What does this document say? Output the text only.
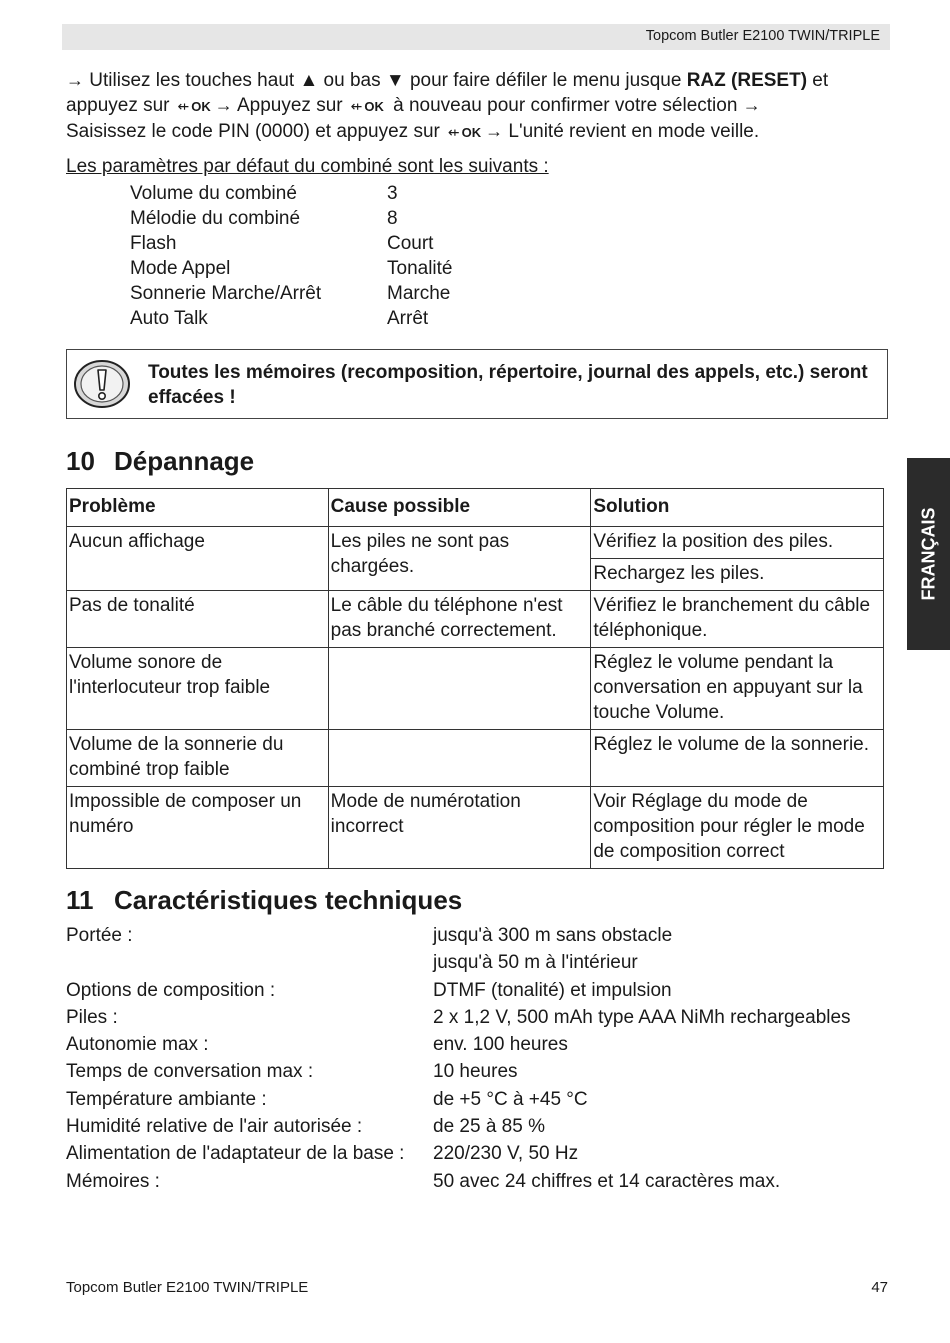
Topcom Butler E2100 TWIN/TRIPLE
→ Utilisez les touches haut ▲ ou bas ▼ pour faire défiler le menu jusque RAZ (RESET) et appuyez sur ⇷ OK → Appuyez sur ⇷ OK à nouveau pour confirmer votre sélection →
Saisissez le code PIN (0000) et appuyez sur ⇷ OK → L'unité revient en mode veille.
Les paramètres par défaut du combiné sont les suivants :
Volume du combiné	3
Mélodie du combiné	8
Flash	Court
Mode Appel	Tonalité
Sonnerie Marche/Arrêt	Marche
Auto Talk	Arrêt
Toutes les mémoires (recomposition, répertoire, journal des appels, etc.) seront effacées !
10 Dépannage
Problème	Cause possible	Solution
Aucun affichage	Les piles ne sont pas chargées.	Vérifiez la position des piles.
		Rechargez les piles.
Pas de tonalité	Le câble du téléphone n'est pas branché correctement.	Vérifiez le branchement du câble téléphonique.
Volume sonore de l'interlocuteur trop faible		Réglez le volume pendant la conversation en appuyant sur la touche Volume.
Volume de la sonnerie du combiné trop faible		Réglez le volume de la sonnerie.
Impossible de composer un numéro	Mode de numérotation incorrect	Voir Réglage du mode de composition pour régler le mode de composition correct
11 Caractéristiques techniques
Portée :	jusqu'à 300 m sans obstacle
jusqu'à 50 m à l'intérieur
Options de composition :	DTMF (tonalité) et impulsion
Piles :	2 x 1,2 V, 500 mAh type AAA NiMh rechargeables
Autonomie max :	env. 100 heures
Temps de conversation max :	10 heures
Température ambiante :	de +5 °C à +45 °C
Humidité relative de l'air autorisée :	de 25 à 85 %
Alimentation de l'adaptateur de la base :	220/230 V, 50 Hz
Mémoires :	50 avec 24 chiffres et 14 caractères max.
FRANÇAIS
Topcom Butler E2100 TWIN/TRIPLE	47
